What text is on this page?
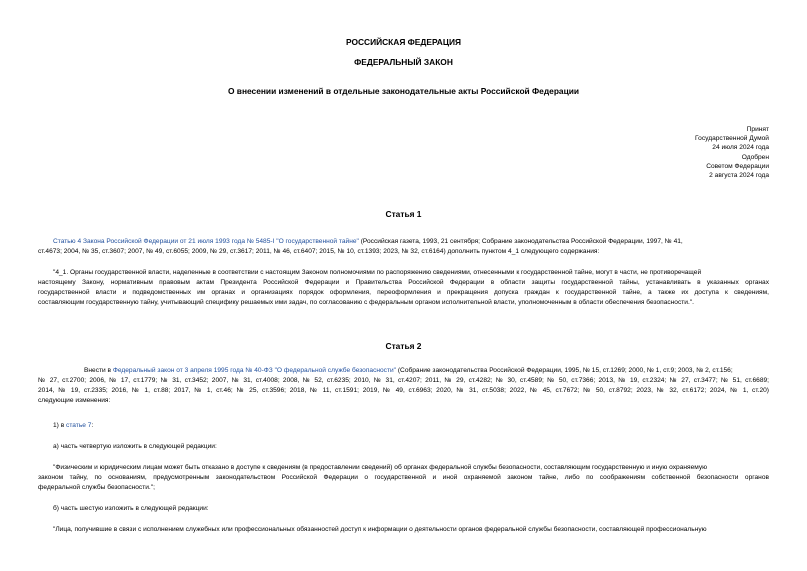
РОССИЙСКАЯ ФЕДЕРАЦИЯ
ФЕДЕРАЛЬНЫЙ ЗАКОН
О внесении изменений в отдельные законодательные акты Российской Федерации
Принят
Государственной Думой
24 июля 2024 года
Одобрен
Советом Федерации
2 августа 2024 года
Статья 1
Статью 4 Закона Российской Федерации от 21 июля 1993 года № 5485-I "О государственной тайне" (Российская газета, 1993, 21 сентября; Собрание законодательства Российской Федерации, 1997, № 41,
ст.4673; 2004, № 35, ст.3607; 2007, № 49, ст.6055; 2009, № 29, ст.3617; 2011, № 46, ст.6407; 2015, № 10, ст.1393; 2023, № 32, ст.6164) дополнить пунктом 4_1 следующего содержания:
"4_1. Органы государственной власти, наделенные в соответствии с настоящим Законом полномочиями по распоряжению сведениями, отнесенными к государственной тайне, могут в части, не противоречащей
настоящему Закону, нормативным правовым актам Президента Российской Федерации и Правительства Российской Федерации в области защиты государственной тайны, устанавливать в указанных органах
государственной власти и подведомственных им органах и организациях порядок оформления, переоформления и прекращения допуска граждан к государственной тайне, а также их доступа к сведениям,
составляющим государственную тайну, учитывающий специфику решаемых ими задач, по согласованию с федеральным органом исполнительной власти, уполномоченным в области обеспечения безопасности.".
Статья 2
Внести в Федеральный закон от 3 апреля 1995 года № 40-ФЗ "О федеральной службе безопасности" (Собрание законодательства Российской Федерации, 1995, № 15, ст.1269; 2000, № 1, ст.9; 2003, № 2, ст.156;
№ 27, ст.2700; 2006, № 17, ст.1779; № 31, ст.3452; 2007, № 31, ст.4008; 2008, № 52, ст.6235; 2010, № 31, ст.4207; 2011, № 29, ст.4282; № 30, ст.4589; № 50, ст.7366; 2013, № 19, ст.2324; № 27, ст.3477; № 51, ст.6689;
2014, № 19, ст.2335; 2016, № 1, ст.88; 2017, № 1, ст.46; № 25, ст.3596; 2018, № 11, ст.1591; 2019, № 49, ст.6963; 2020, № 31, ст.5038; 2022, № 45, ст.7672; № 50, ст.8792; 2023, № 32, ст.6172; 2024, № 1, ст.20)
следующие изменения:
1) в статье 7:
а) часть четвертую изложить в следующей редакции:
"Физическим и юридическим лицам может быть отказано в доступе к сведениям (в предоставлении сведений) об органах федеральной службы безопасности, составляющим государственную и иную охраняемую
законом тайну, по основаниям, предусмотренным законодательством Российской Федерации о государственной и иной охраняемой законом тайне, либо по соображениям собственной безопасности органов
федеральной службы безопасности.";
б) часть шестую изложить в следующей редакции:
"Лица, получившие в связи с исполнением служебных или профессиональных обязанностей доступ к информации о деятельности органов федеральной службы безопасности, составляющей профессиональную
